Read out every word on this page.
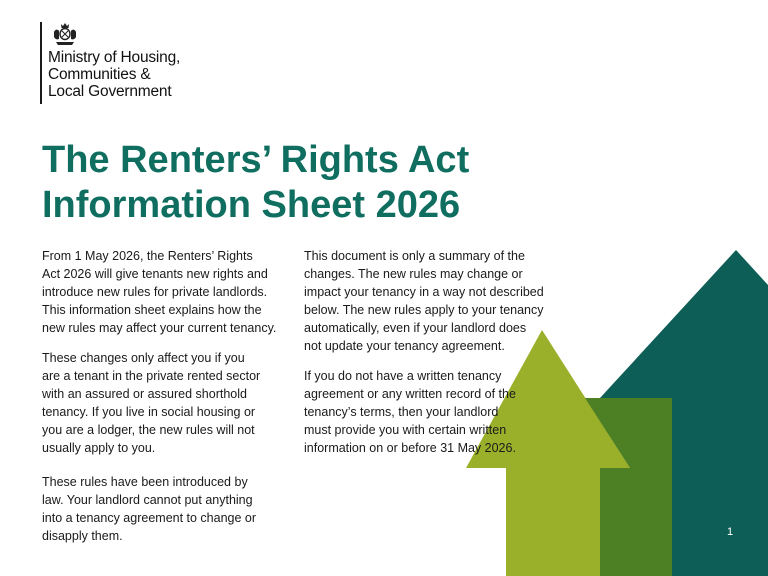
Ministry of Housing,
Communities &
Local Government
The Renters’ Rights Act
Information Sheet 2026

From 1 May 2026, the Renters’ Rights
Act 2026 will give tenants new rights and
introduce new rules for private landlords.
This information sheet explains how the
new rules may affect your current tenancy.

These changes only affect you if you
are a tenant in the private rented sector
with an assured or assured shorthold
tenancy. If you live in social housing or
you are a lodger, the new rules will not
usually apply to you.

These rules have been introduced by
law. Your landlord cannot put anything
into a tenancy agreement to change or
disapply them.

This document is only a summary of the
changes. The new rules may change or
impact your tenancy in a way not described
below. The new rules apply to your tenancy
automatically, even if your landlord does
not update your tenancy agreement.

If you do not have a written tenancy
agreement or any written record of the
tenancy’s terms, then your landlord
must provide you with certain written
information on or before 31 May 2026.

1
